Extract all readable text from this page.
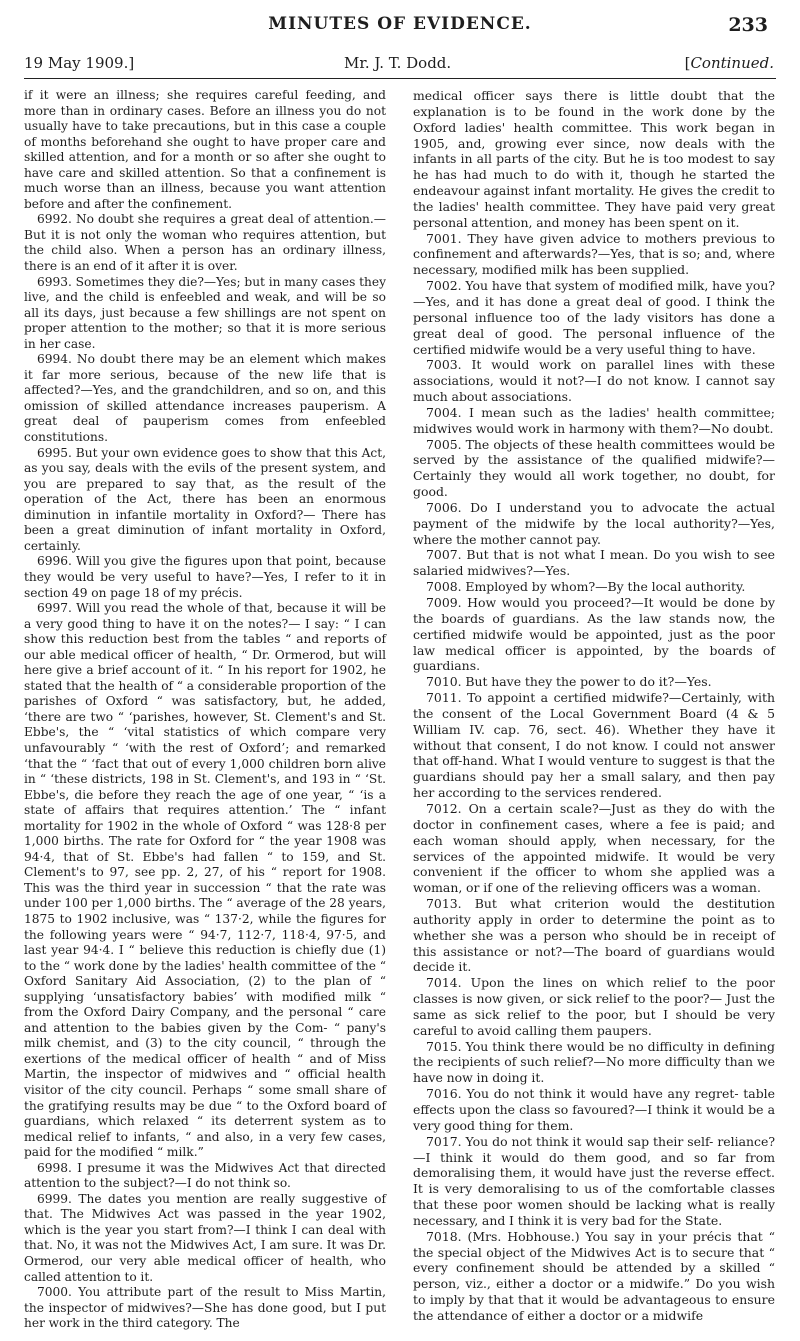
MINUTES OF EVIDENCE.	233
19 May 1909.]	Mr. J. T. Dodd.	[Continued.

if it were an illness; she requires careful feeding, and more than in ordinary cases. Before an illness you do not usually have to take precautions, but in this case a couple of months beforehand she ought to have proper care and skilled attention, and for a month or so after she ought to have care and skilled attention. So that a confinement is much worse than an illness, because you want attention before and after the confinement.

6992. No doubt she requires a great deal of attention.—But it is not only the woman who requires attention, but the child also. When a person has an ordinary illness, there is an end of it after it is over.

6993. Sometimes they die?—Yes; but in many cases they live, and the child is enfeebled and weak, and will be so all its days, just because a few shillings are not spent on proper attention to the mother; so that it is more serious in her case.

6994. No doubt there may be an element which makes it far more serious, because of the new life that is affected?—Yes, and the grandchildren, and so on, and this omission of skilled attendance increases pauperism. A great deal of pauperism comes from enfeebled constitutions.

6995. But your own evidence goes to show that this Act, as you say, deals with the evils of the present system, and you are prepared to say that, as the result of the operation of the Act, there has been an enormous diminution in infantile mortality in Oxford?— There has been a great diminution of infant mortality in Oxford, certainly.

6996. Will you give the figures upon that point, because they would be very useful to have?—Yes, I refer to it in section 49 on page 18 of my précis.

6997. Will you read the whole of that, because it will be a very good thing to have it on the notes?— I say: “ I can show this reduction best from the tables “ and reports of our able medical officer of health, “ Dr. Ormerod, but will here give a brief account of it. “ In his report for 1902, he stated that the health of “ a considerable proportion of the parishes of Oxford “ was satisfactory, but, he added, ‘there are two “ ‘parishes, however, St. Clement's and St. Ebbe's, the “ ‘vital statistics of which compare very unfavourably “ ‘with the rest of Oxford’; and remarked ‘that the “ ‘fact that out of every 1,000 children born alive in “ ‘these districts, 198 in St. Clement's, and 193 in “ ‘St. Ebbe's, die before they reach the age of one year, “ ‘is a state of affairs that requires attention.’ The “ infant mortality for 1902 in the whole of Oxford “ was 128·8 per 1,000 births. The rate for Oxford for “ the year 1908 was 94·4, that of St. Ebbe's had fallen “ to 159, and St. Clement's to 97, see pp. 2, 27, of his “ report for 1908. This was the third year in succession “ that the rate was under 100 per 1,000 births. The “ average of the 28 years, 1875 to 1902 inclusive, was “ 137·2, while the figures for the following years were “ 94·7, 112·7, 118·4, 97·5, and last year 94·4. I “ believe this reduction is chiefly due (1) to the “ work done by the ladies' health committee of the “ Oxford Sanitary Aid Association, (2) to the plan of “ supplying ‘unsatisfactory babies’ with modified milk “ from the Oxford Dairy Company, and the personal “ care and attention to the babies given by the Com- “ pany's milk chemist, and (3) to the city council, “ through the exertions of the medical officer of health “ and of Miss Martin, the inspector of midwives and “ official health visitor of the city council. Perhaps “ some small share of the gratifying results may be due “ to the Oxford board of guardians, which relaxed “ its deterrent system as to medical relief to infants, “ and also, in a very few cases, paid for the modified “ milk.”

6998. I presume it was the Midwives Act that directed attention to the subject?—I do not think so.

6999. The dates you mention are really suggestive of that. The Midwives Act was passed in the year 1902, which is the year you start from?—I think I can deal with that. No, it was not the Midwives Act, I am sure. It was Dr. Ormerod, our very able medical officer of health, who called attention to it.

7000. You attribute part of the result to Miss Martin, the inspector of midwives?—She has done good, but I put her work in the third category. The

medical officer says there is little doubt that the explanation is to be found in the work done by the Oxford ladies' health committee. This work began in 1905, and, growing ever since, now deals with the infants in all parts of the city. But he is too modest to say he has had much to do with it, though he started the endeavour against infant mortality. He gives the credit to the ladies' health committee. They have paid very great personal attention, and money has been spent on it.

7001. They have given advice to mothers previous to confinement and afterwards?—Yes, that is so; and, where necessary, modified milk has been supplied.

7002. You have that system of modified milk, have you?—Yes, and it has done a great deal of good. I think the personal influence too of the lady visitors has done a great deal of good. The personal influence of the certified midwife would be a very useful thing to have.

7003. It would work on parallel lines with these associations, would it not?—I do not know. I cannot say much about associations.

7004. I mean such as the ladies' health committee; midwives would work in harmony with them?—No doubt.

7005. The objects of these health committees would be served by the assistance of the qualified midwife?— Certainly they would all work together, no doubt, for good.

7006. Do I understand you to advocate the actual payment of the midwife by the local authority?—Yes, where the mother cannot pay.

7007. But that is not what I mean. Do you wish to see salaried midwives?—Yes.

7008. Employed by whom?—By the local authority.

7009. How would you proceed?—It would be done by the boards of guardians. As the law stands now, the certified midwife would be appointed, just as the poor law medical officer is appointed, by the boards of guardians.

7010. But have they the power to do it?—Yes.

7011. To appoint a certified midwife?—Certainly, with the consent of the Local Government Board (4 & 5 William IV. cap. 76, sect. 46). Whether they have it without that consent, I do not know. I could not answer that off-hand. What I would venture to suggest is that the guardians should pay her a small salary, and then pay her according to the services rendered.

7012. On a certain scale?—Just as they do with the doctor in confinement cases, where a fee is paid; and each woman should apply, when necessary, for the services of the appointed midwife. It would be very convenient if the officer to whom she applied was a woman, or if one of the relieving officers was a woman.

7013. But what criterion would the destitution authority apply in order to determine the point as to whether she was a person who should be in receipt of this assistance or not?—The board of guardians would decide it.

7014. Upon the lines on which relief to the poor classes is now given, or sick relief to the poor?— Just the same as sick relief to the poor, but I should be very careful to avoid calling them paupers.

7015. You think there would be no difficulty in defining the recipients of such relief?—No more difficulty than we have now in doing it.

7016. You do not think it would have any regret- table effects upon the class so favoured?—I think it would be a very good thing for them.

7017. You do not think it would sap their self- reliance?—I think it would do them good, and so far from demoralising them, it would have just the reverse effect. It is very demoralising to us of the comfortable classes that these poor women should be lacking what is really necessary, and I think it is very bad for the State.

7018. (Mrs. Hobhouse.) You say in your précis that “ the special object of the Midwives Act is to secure that “ every confinement should be attended by a skilled “ person, viz., either a doctor or a midwife.” Do you wish to imply by that that it would be advantageous to ensure the attendance of either a doctor or a midwife
